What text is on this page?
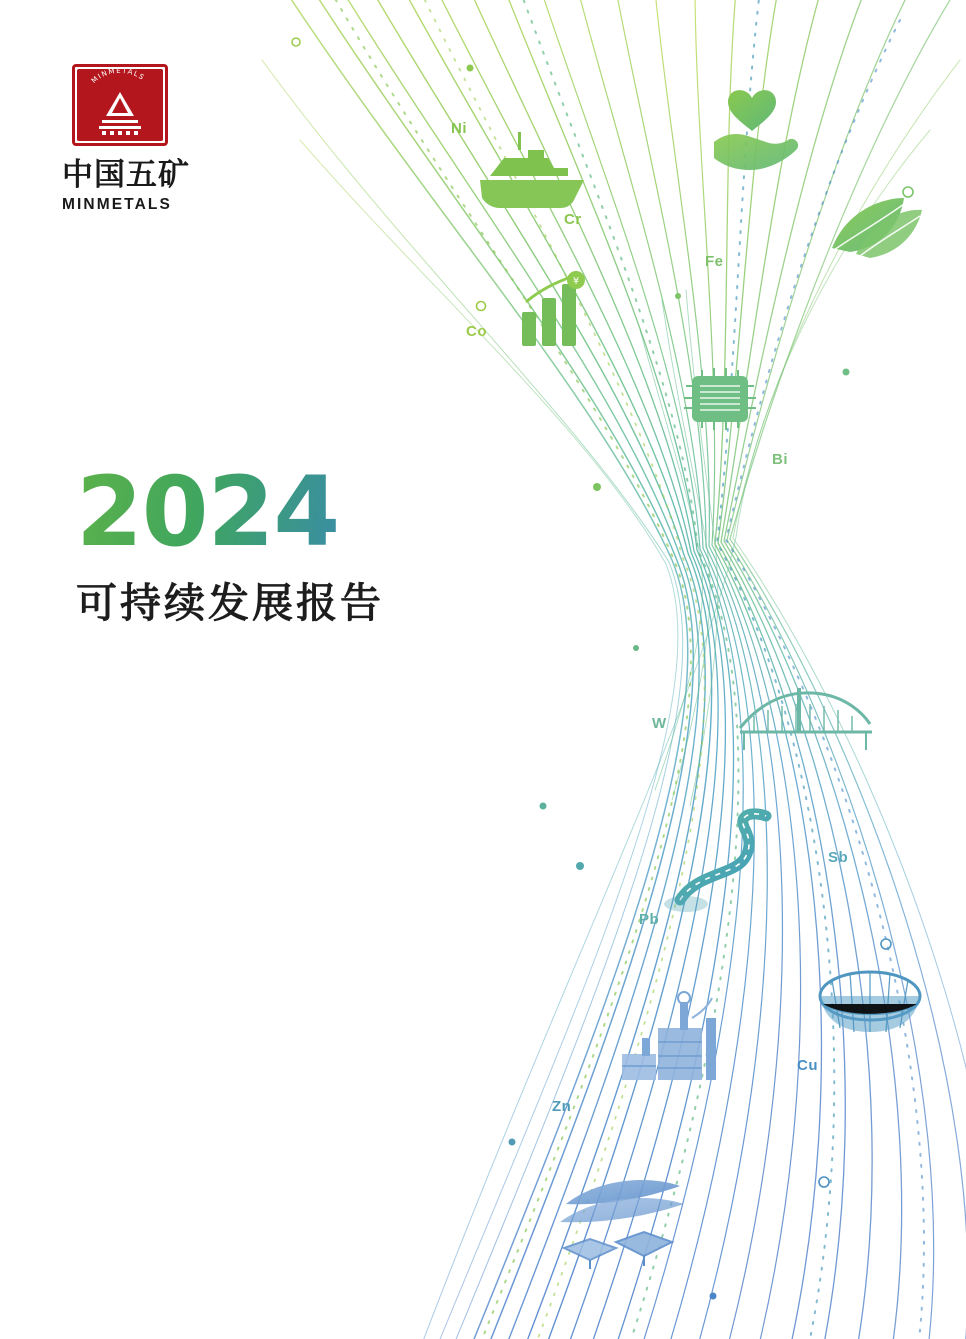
¥
MINMETALS
中国五矿
MINMETALS
2024
可持续发展报告
Ni
Cr
Fe
Co
Bi
W
Sb
Pb
Cu
Zn
